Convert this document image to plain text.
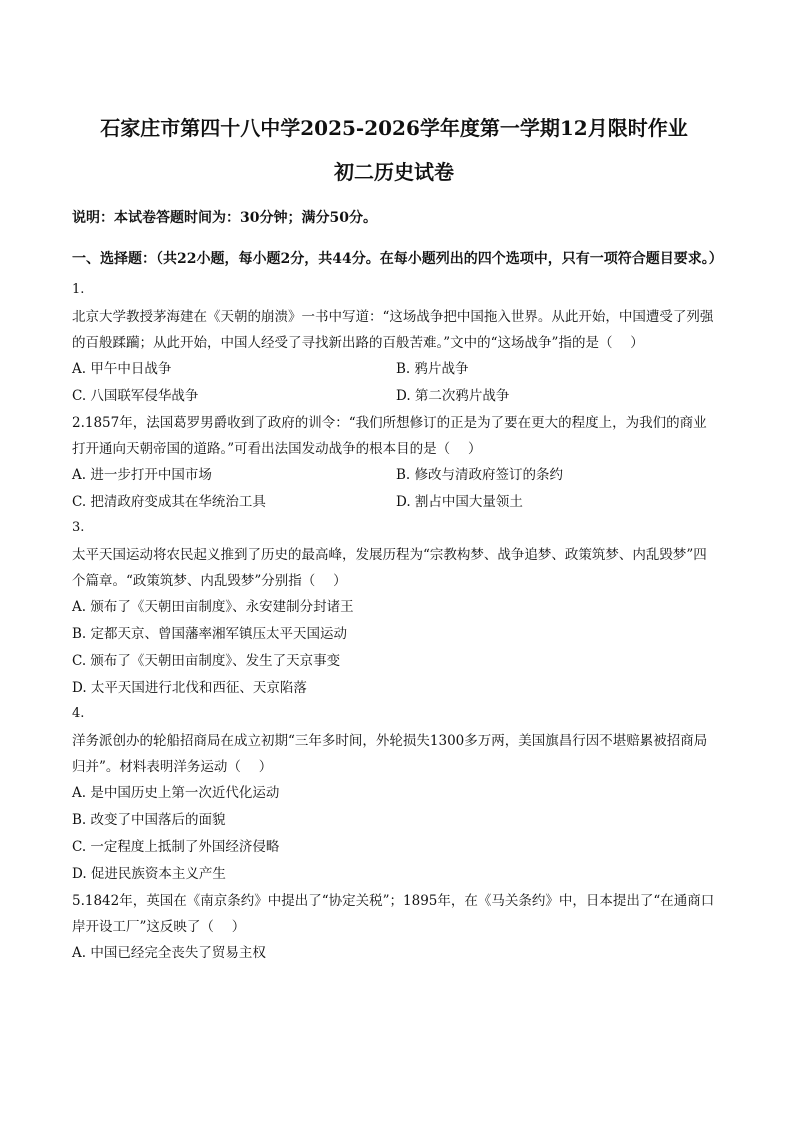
石家庄市第四十八中学2025-2026学年度第一学期12月限时作业

初二历史试卷

说明：本试卷答题时间为：30分钟；满分50分。
一、选择题：（共22小题，每小题2分，共44分。在每小题列出的四个选项中，只有一项符合题目要求。）
1.
北京大学教授茅海建在《天朝的崩溃》一书中写道：“这场战争把中国拖入世界。从此开始，中国遭受了列强的百般蹂躏；从此开始，中国人经受了寻找新出路的百般苦难。”文中的“这场战争”指的是（　 ）
A. 甲午中日战争	B. 鸦片战争
C. 八国联军侵华战争	D. 第二次鸦片战争
2.1857年，法国葛罗男爵收到了政府的训令：“我们所想修订的正是为了要在更大的程度上，为我们的商业打开通向天朝帝国的道路。”可看出法国发动战争的根本目的是（　 ）
A. 进一步打开中国市场	B. 修改与清政府签订的条约
C. 把清政府变成其在华统治工具	D. 割占中国大量领土
3.
太平天国运动将农民起义推到了历史的最高峰，发展历程为“宗教构梦、战争追梦、政策筑梦、内乱毁梦”四个篇章。“政策筑梦、内乱毁梦”分别指（　 ）
A. 颁布了《天朝田亩制度》、永安建制分封诸王
B. 定都天京、曾国藩率湘军镇压太平天国运动
C. 颁布了《天朝田亩制度》、发生了天京事变
D. 太平天国进行北伐和西征、天京陷落
4.
洋务派创办的轮船招商局在成立初期“三年多时间，外轮损失1300多万两，美国旗昌行因不堪赔累被招商局归并”。材料表明洋务运动（　 ）
A. 是中国历史上第一次近代化运动
B. 改变了中国落后的面貌
C. 一定程度上抵制了外国经济侵略
D. 促进民族资本主义产生
5.1842年，英国在《南京条约》中提出了“协定关税”；1895年，在《马关条约》中，日本提出了“在通商口岸开设工厂”这反映了（　 ）
A. 中国已经完全丧失了贸易主权
